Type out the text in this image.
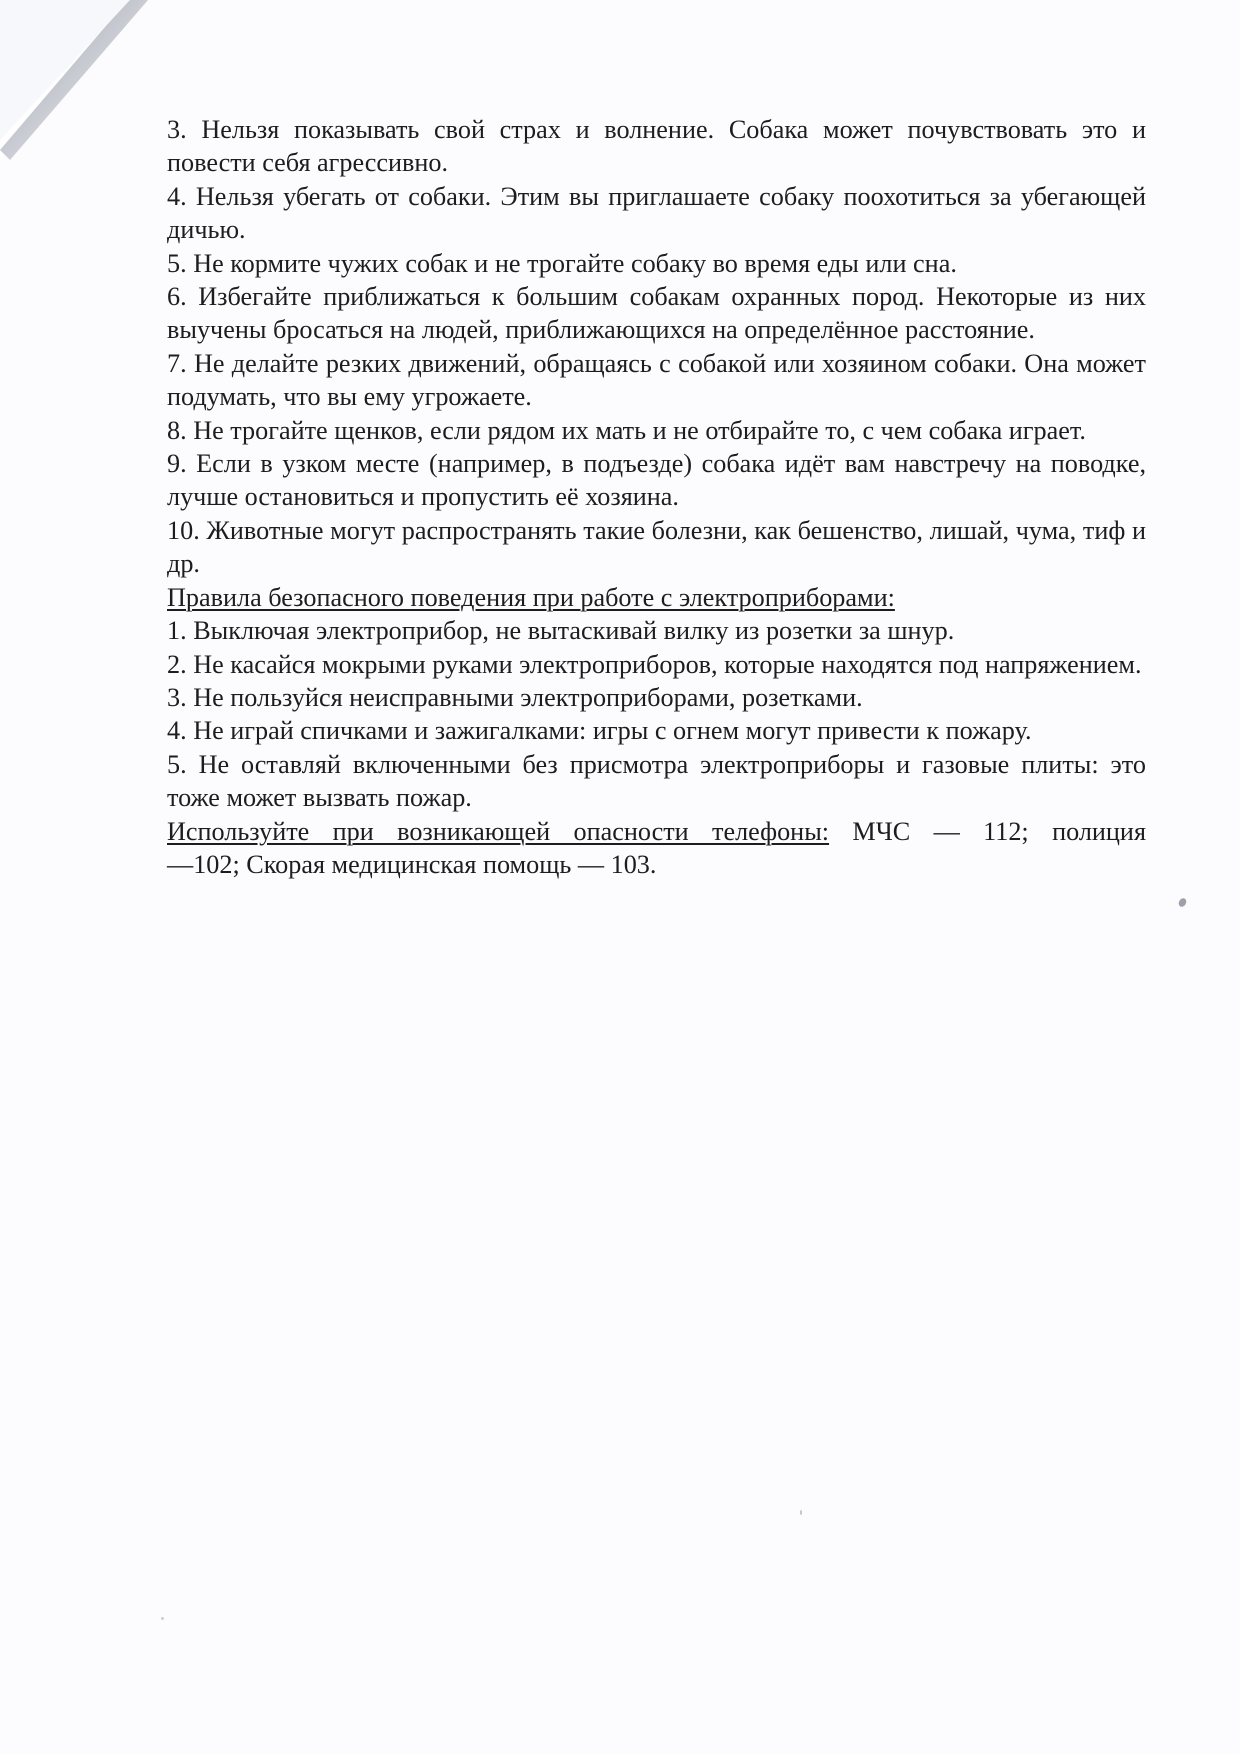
3. Нельзя показывать свой страх и волнение. Собака может почувствовать это и повести себя агрессивно.

4. Нельзя убегать от собаки. Этим вы приглашаете собаку поохотиться за убегающей дичью.

5. Не кормите чужих собак и не трогайте собаку во время еды или сна.

6. Избегайте приближаться к большим собакам охранных пород. Некоторые из них выучены бросаться на людей, приближающихся на определённое расстояние.

7. Не делайте резких движений, обращаясь с собакой или хозяином собаки. Она может подумать, что вы ему угрожаете.

8. Не трогайте щенков, если рядом их мать и не отбирайте то, с чем собака играет.

9. Если в узком месте (например, в подъезде) собака идёт вам навстречу на поводке, лучше остановиться и пропустить её хозяина.

10. Животные могут распространять такие болезни, как бешенство, лишай, чума, тиф и др.

Правила безопасного поведения при работе с электроприборами:

1. Выключая электроприбор, не вытаскивай вилку из розетки за шнур.

2. Не касайся мокрыми руками электроприборов, которые находятся под напряжением.

3. Не пользуйся неисправными электроприборами, розетками.

4. Не играй спичками и зажигалками: игры с огнем могут привести к пожару.

5. Не оставляй включенными без присмотра электроприборы и газовые плиты: это тоже может вызвать пожар.

Используйте при возникающей опасности телефоны: МЧС — 112; полиция
—102; Скорая медицинская помощь — 103.
